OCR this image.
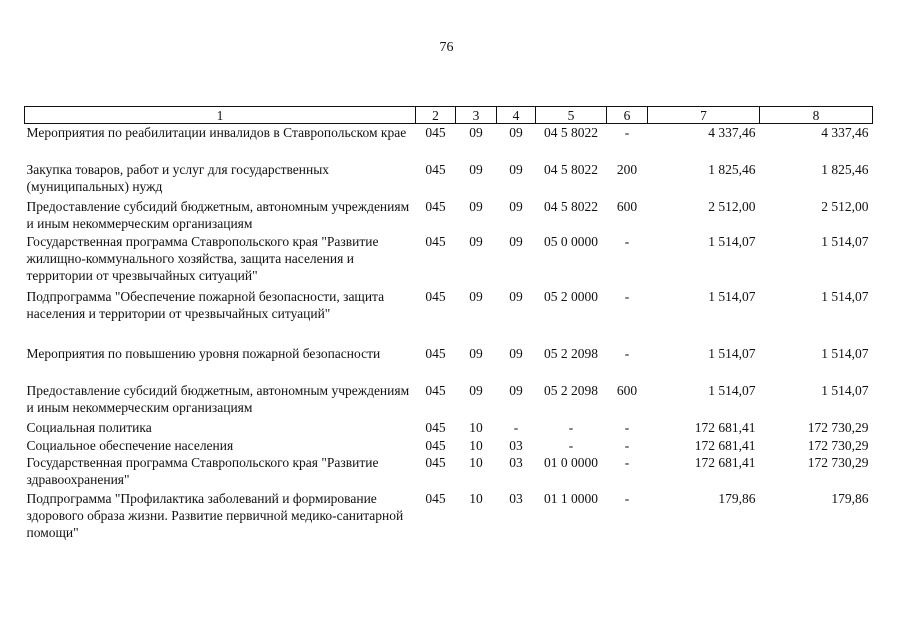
76
1	2	3	4	5	6	7	8
Мероприятия по реабилитации инвалидов в Ставропольском крае	045	09	09	04 5 8022	-	4 337,46	4 337,46
Закупка товаров, работ и услуг для государственных (муниципальных) нужд	045	09	09	04 5 8022	200	1 825,46	1 825,46
Предоставление субсидий бюджетным, автономным учреждениям и иным некоммерческим организациям	045	09	09	04 5 8022	600	2 512,00	2 512,00
Государственная программа Ставропольского края "Развитие жилищно-коммунального хозяйства, защита населения и территории от чрезвычайных ситуаций"	045	09	09	05 0 0000	-	1 514,07	1 514,07
Подпрограмма "Обеспечение пожарной безопасности, защита населения и территории от чрезвычайных ситуаций"	045	09	09	05 2 0000	-	1 514,07	1 514,07
Мероприятия по повышению уровня пожарной безопасности	045	09	09	05 2 2098	-	1 514,07	1 514,07
Предоставление субсидий бюджетным, автономным учреждениям и иным некоммерческим организациям	045	09	09	05 2 2098	600	1 514,07	1 514,07
Социальная политика	045	10	-	-	-	172 681,41	172 730,29
Социальное обеспечение населения	045	10	03	-	-	172 681,41	172 730,29
Государственная программа Ставропольского края "Развитие здравоохранения"	045	10	03	01 0 0000	-	172 681,41	172 730,29
Подпрограмма "Профилактика заболеваний и формирование здорового образа жизни. Развитие первичной медико-санитарной помощи"	045	10	03	01 1 0000	-	179,86	179,86
